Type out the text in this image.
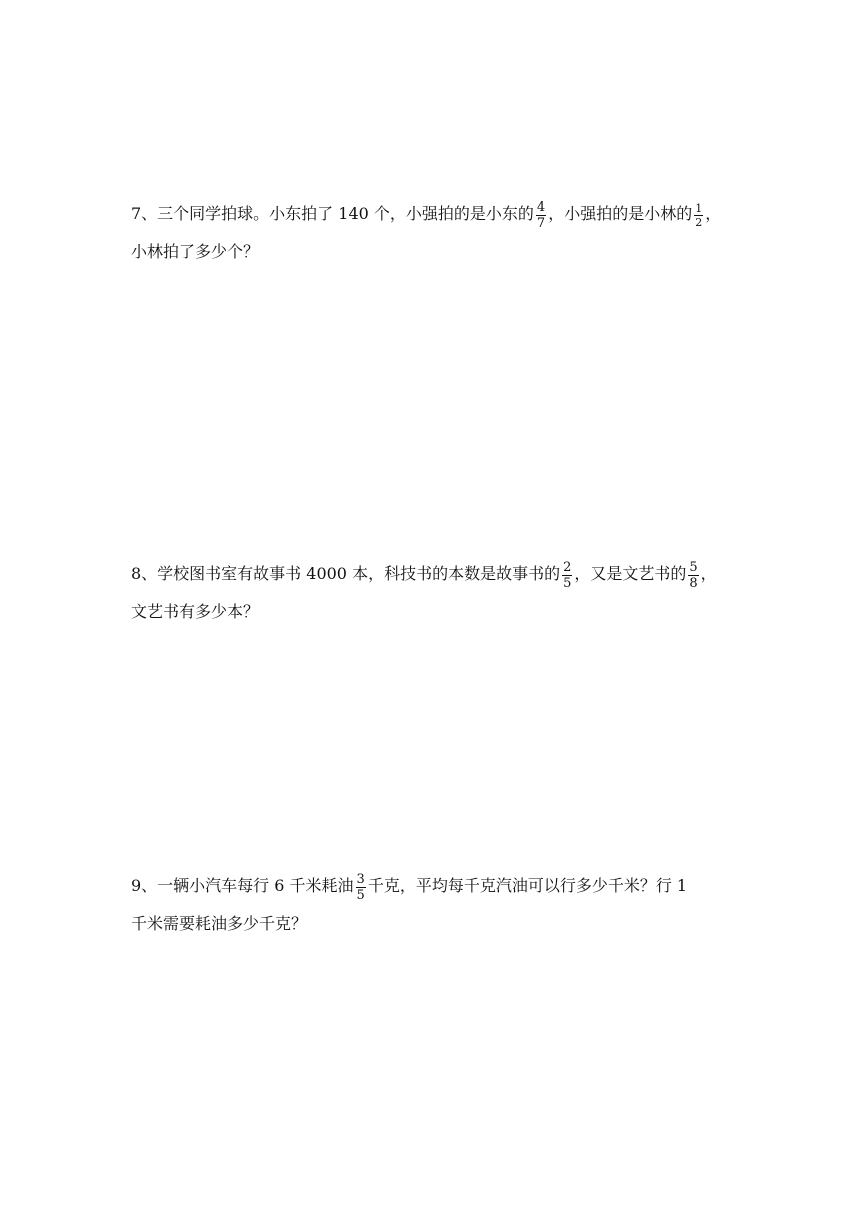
7、三个同学拍球。小东拍了 140 个，小强拍的是小东的 $\frac{4}{7}$ ，小强拍的是小林的 $\frac{1}{2}$ ，
小林拍了多少个？
8、学校图书室有故事书 4000 本，科技书的本数是故事书的 $\frac{2}{5}$ ，又是文艺书的 $\frac{5}{8}$ ，
文艺书有多少本？
9、一辆小汽车每行 6 千米耗油 $\frac{3}{5}$ 千克，平均每千克汽油可以行多少千米？行 1
千米需要耗油多少千克？
